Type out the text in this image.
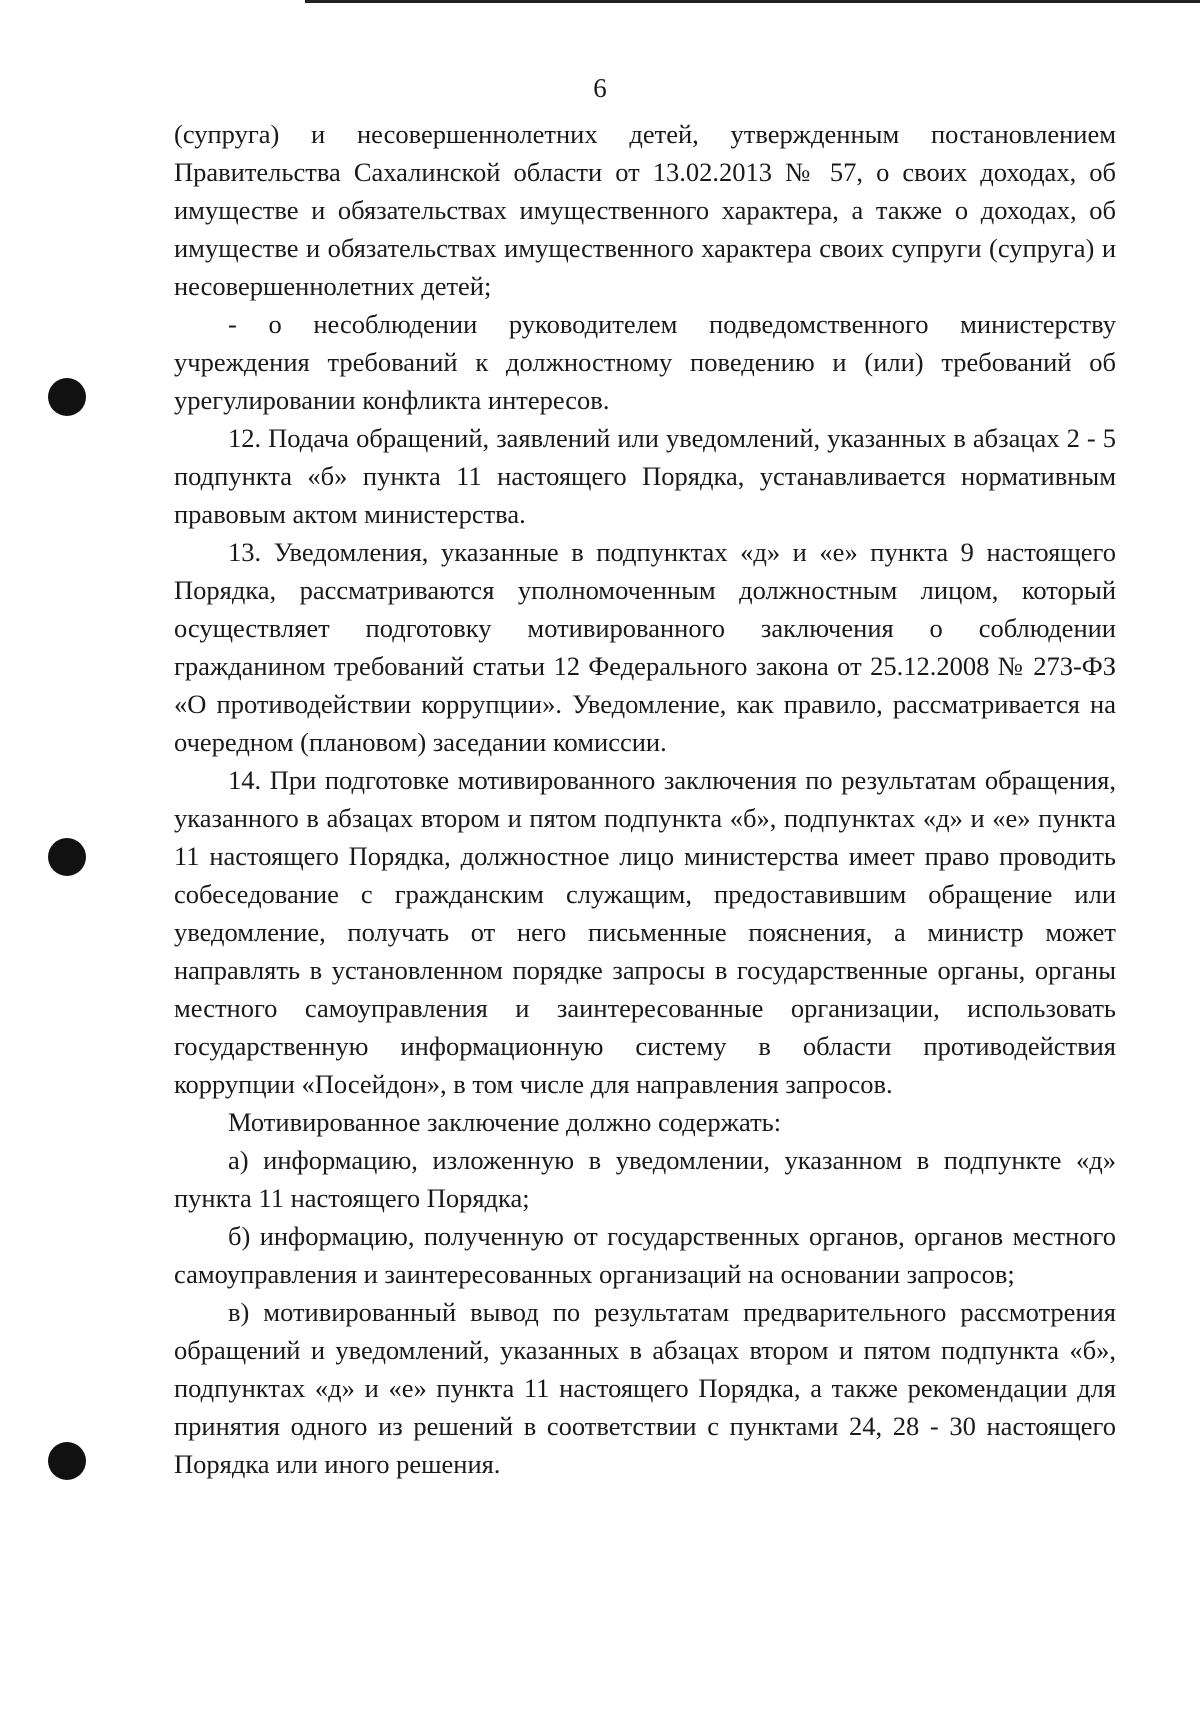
6

(супруга) и несовершеннолетних детей, утвержденным постановлением Правительства Сахалинской области от 13.02.2013 № 57, о своих доходах, об имуществе и обязательствах имущественного характера, а также о доходах, об имуществе и обязательствах имущественного характера своих супруги (супруга) и несовершеннолетних детей;

- о несоблюдении руководителем подведомственного министерству учреждения требований к должностному поведению и (или) требований об урегулировании конфликта интересов.

12. Подача обращений, заявлений или уведомлений, указанных в абзацах 2 - 5 подпункта «б» пункта 11 настоящего Порядка, устанавливается нормативным правовым актом министерства.

13. Уведомления, указанные в подпунктах «д» и «е» пункта 9 настоящего Порядка, рассматриваются уполномоченным должностным лицом, который осуществляет подготовку мотивированного заключения о соблюдении гражданином требований статьи 12 Федерального закона от 25.12.2008 № 273-ФЗ «О противодействии коррупции». Уведомление, как правило, рассматривается на очередном (плановом) заседании комиссии.

14. При подготовке мотивированного заключения по результатам обращения, указанного в абзацах втором и пятом подпункта «б», подпунктах «д» и «е» пункта 11 настоящего Порядка, должностное лицо министерства имеет право проводить собеседование с гражданским служащим, предоставившим обращение или уведомление, получать от него письменные пояснения, а министр может направлять в установленном порядке запросы в государственные органы, органы местного самоуправления и заинтересованные организации, использовать государственную информационную систему в области противодействия коррупции «Посейдон», в том числе для направления запросов.

Мотивированное заключение должно содержать:

а) информацию, изложенную в уведомлении, указанном в подпункте «д» пункта 11 настоящего Порядка;

б) информацию, полученную от государственных органов, органов местного самоуправления и заинтересованных организаций на основании запросов;

в) мотивированный вывод по результатам предварительного рассмотрения обращений и уведомлений, указанных в абзацах втором и пятом подпункта «б», подпунктах «д» и «е» пункта 11 настоящего Порядка, а также рекомендации для принятия одного из решений в соответствии с пунктами 24, 28 - 30 настоящего Порядка или иного решения.
